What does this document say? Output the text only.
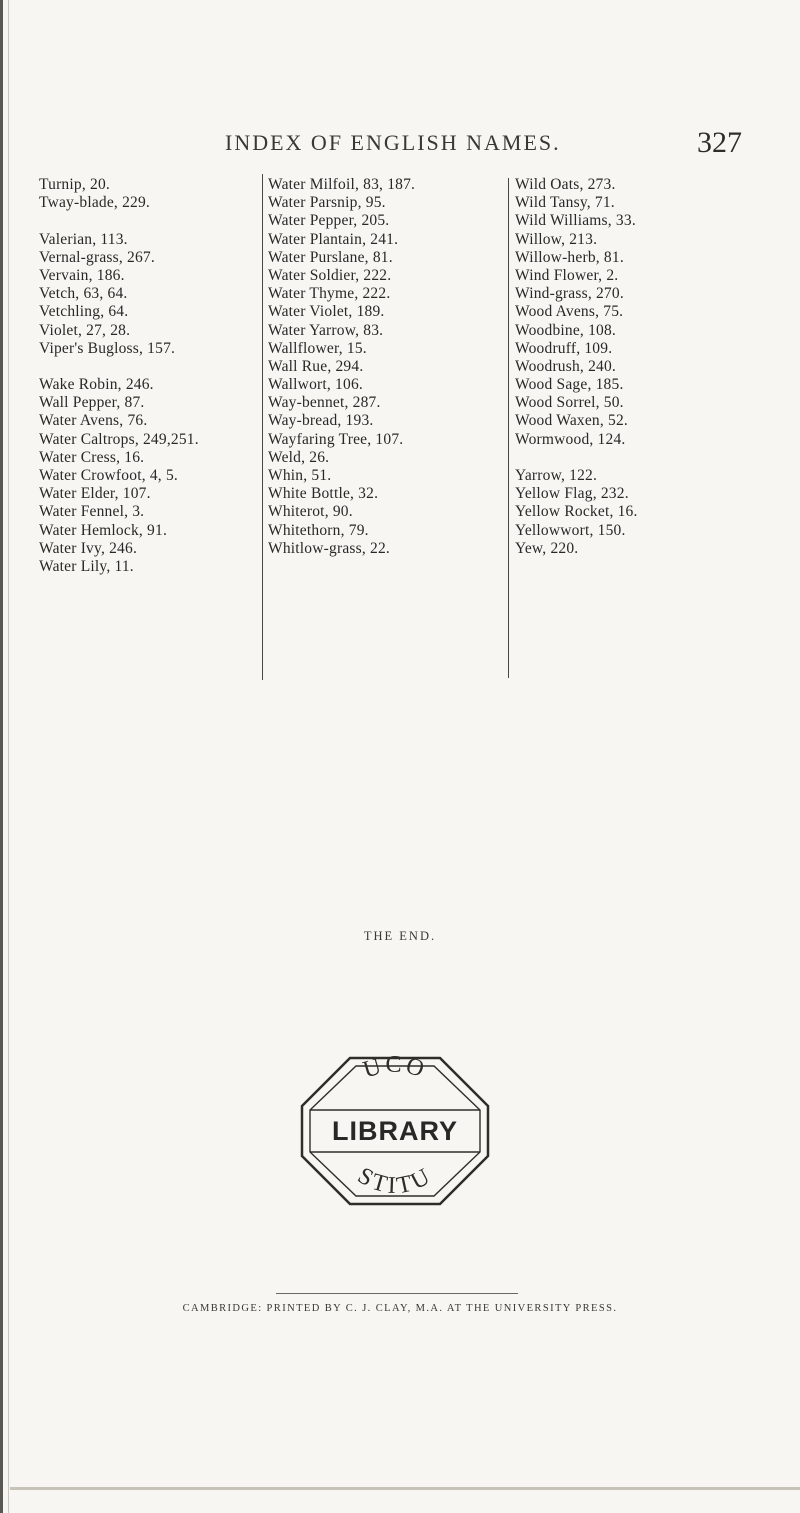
INDEX OF ENGLISH NAMES.	327
Turnip, 20.
Tway-blade, 229.
Valerian, 113.
Vernal-grass, 267.
Vervain, 186.
Vetch, 63, 64.
Vetchling, 64.
Violet, 27, 28.
Viper's Bugloss, 157.
Wake Robin, 246.
Wall Pepper, 87.
Water Avens, 76.
Water Caltrops, 249,251.
Water Cress, 16.
Water Crowfoot, 4, 5.
Water Elder, 107.
Water Fennel, 3.
Water Hemlock, 91.
Water Ivy, 246.
Water Lily, 11.
Water Milfoil, 83, 187.
Water Parsnip, 95.
Water Pepper, 205.
Water Plantain, 241.
Water Purslane, 81.
Water Soldier, 222.
Water Thyme, 222.
Water Violet, 189.
Water Yarrow, 83.
Wallflower, 15.
Wall Rue, 294.
Wallwort, 106.
Way-bennet, 287.
Way-bread, 193.
Wayfaring Tree, 107.
Weld, 26.
Whin, 51.
White Bottle, 32.
Whiterot, 90.
Whitethorn, 79.
Whitlow-grass, 22.
Wild Oats, 273.
Wild Tansy, 71.
Wild Williams, 33.
Willow, 213.
Willow-herb, 81.
Wind Flower, 2.
Wind-grass, 270.
Wood Avens, 75.
Woodbine, 108.
Woodruff, 109.
Woodrush, 240.
Wood Sage, 185.
Wood Sorrel, 50.
Wood Waxen, 52.
Wormwood, 124.
Yarrow, 122.
Yellow Flag, 232.
Yellow Rocket, 16.
Yellowwort, 150.
Yew, 220.
THE END.
UCO
LIBRARY
STITU
CAMBRIDGE: PRINTED BY C. J. CLAY, M.A. AT THE UNIVERSITY PRESS.
